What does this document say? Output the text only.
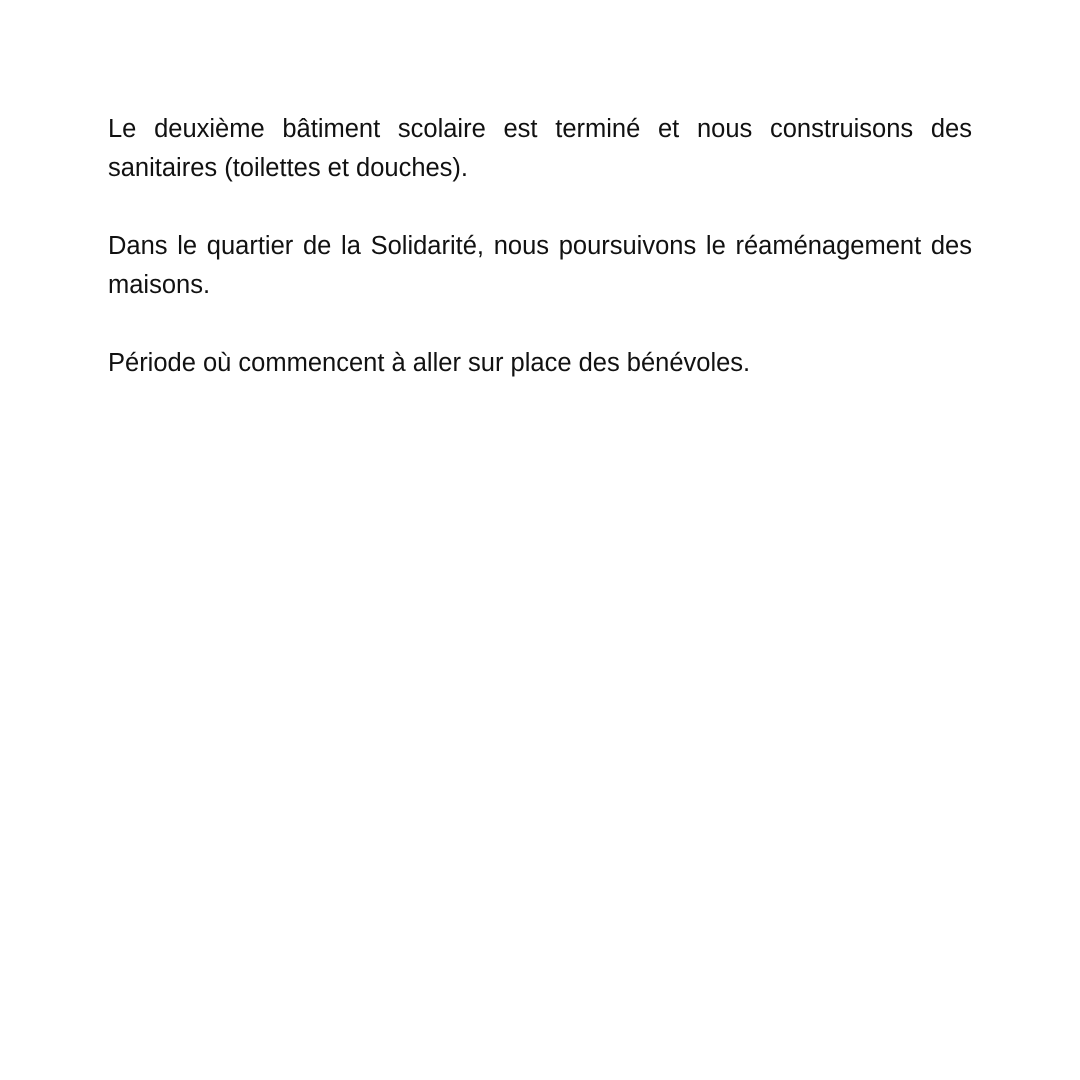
Le deuxième bâtiment scolaire est terminé et nous construisons des sanitaires (toilettes et douches).

Dans le quartier de la Solidarité, nous poursuivons le réaménagement des maisons.

Période où commencent à aller sur place des bénévoles.
